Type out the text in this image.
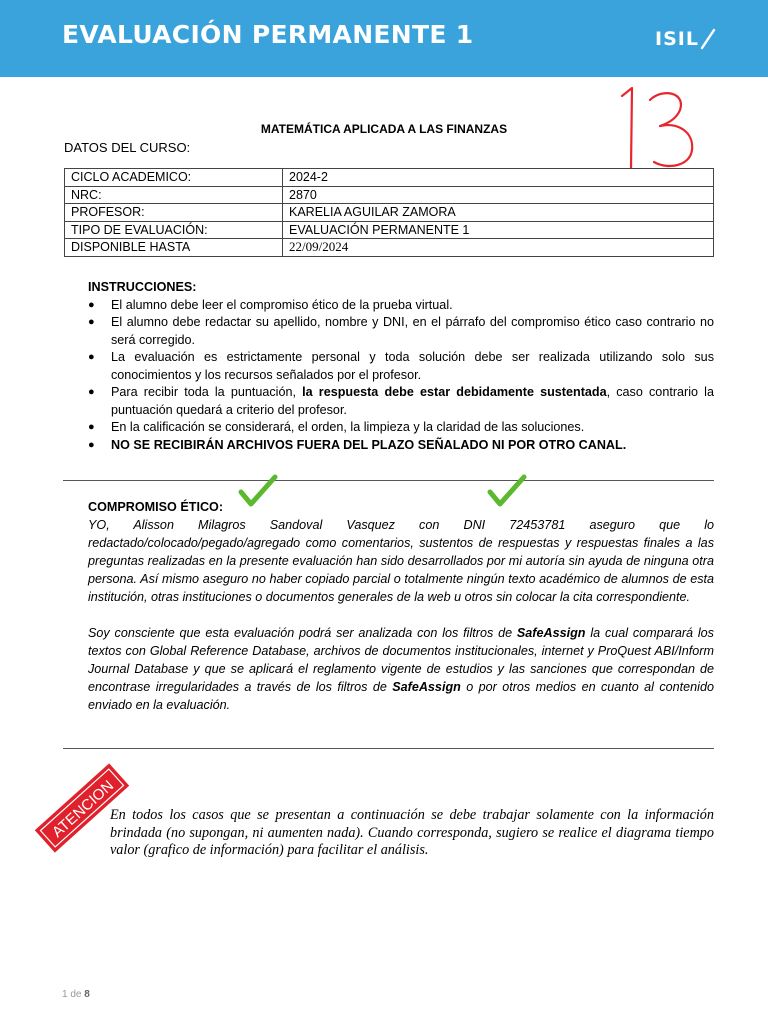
EVALUACIÓN PERMANENTE 1	ISIL
13
MATEMÁTICA APLICADA A LAS FINANZAS
DATOS DEL CURSO:
CICLO ACADEMICO:	2024-2
NRC:	2870
PROFESOR:	KARELIA AGUILAR ZAMORA
TIPO DE EVALUACIÓN:	EVALUACIÓN PERMANENTE 1
DISPONIBLE HASTA	22/09/2024
INSTRUCCIONES:
● El alumno debe leer el compromiso ético de la prueba virtual.
● El alumno debe redactar su apellido, nombre y DNI, en el párrafo del compromiso ético caso contrario no será corregido.
● La evaluación es estrictamente personal y toda solución debe ser realizada utilizando solo sus conocimientos y los recursos señalados por el profesor.
● Para recibir toda la puntuación, la respuesta debe estar debidamente sustentada, caso contrario la puntuación quedará a criterio del profesor.
● En la calificación se considerará, el orden, la limpieza y la claridad de las soluciones.
● NO SE RECIBIRÁN ARCHIVOS FUERA DEL PLAZO SEÑALADO NI POR OTRO CANAL.
COMPROMISO ÉTICO:

YO, Alisson Milagros Sandoval Vasquez con DNI 72453781 aseguro que lo redactado/colocado/pegado/agregado como comentarios, sustentos de respuestas y respuestas finales a las preguntas realizadas en la presente evaluación han sido desarrollados por mi autoría sin ayuda de ninguna otra persona. Así mismo aseguro no haber copiado parcial o totalmente ningún texto académico de alumnos de esta institución, otras instituciones o documentos generales de la web u otros sin colocar la cita correspondiente.

Soy consciente que esta evaluación podrá ser analizada con los filtros de SafeAssign la cual comparará los textos con Global Reference Database, archivos de documentos institucionales, internet y ProQuest ABI/Inform Journal Database y que se aplicará el reglamento vigente de estudios y las sanciones que correspondan de encontrase irregularidades a través de los filtros de SafeAssign o por otros medios en cuanto al contenido enviado en la evaluación.

ATENCION
En todos los casos que se presentan a continuación se debe trabajar solamente con la información brindada (no supongan, ni aumenten nada). Cuando corresponda, sugiero se realice el diagrama tiempo valor (grafico de información) para facilitar el análisis.
1 de 8
